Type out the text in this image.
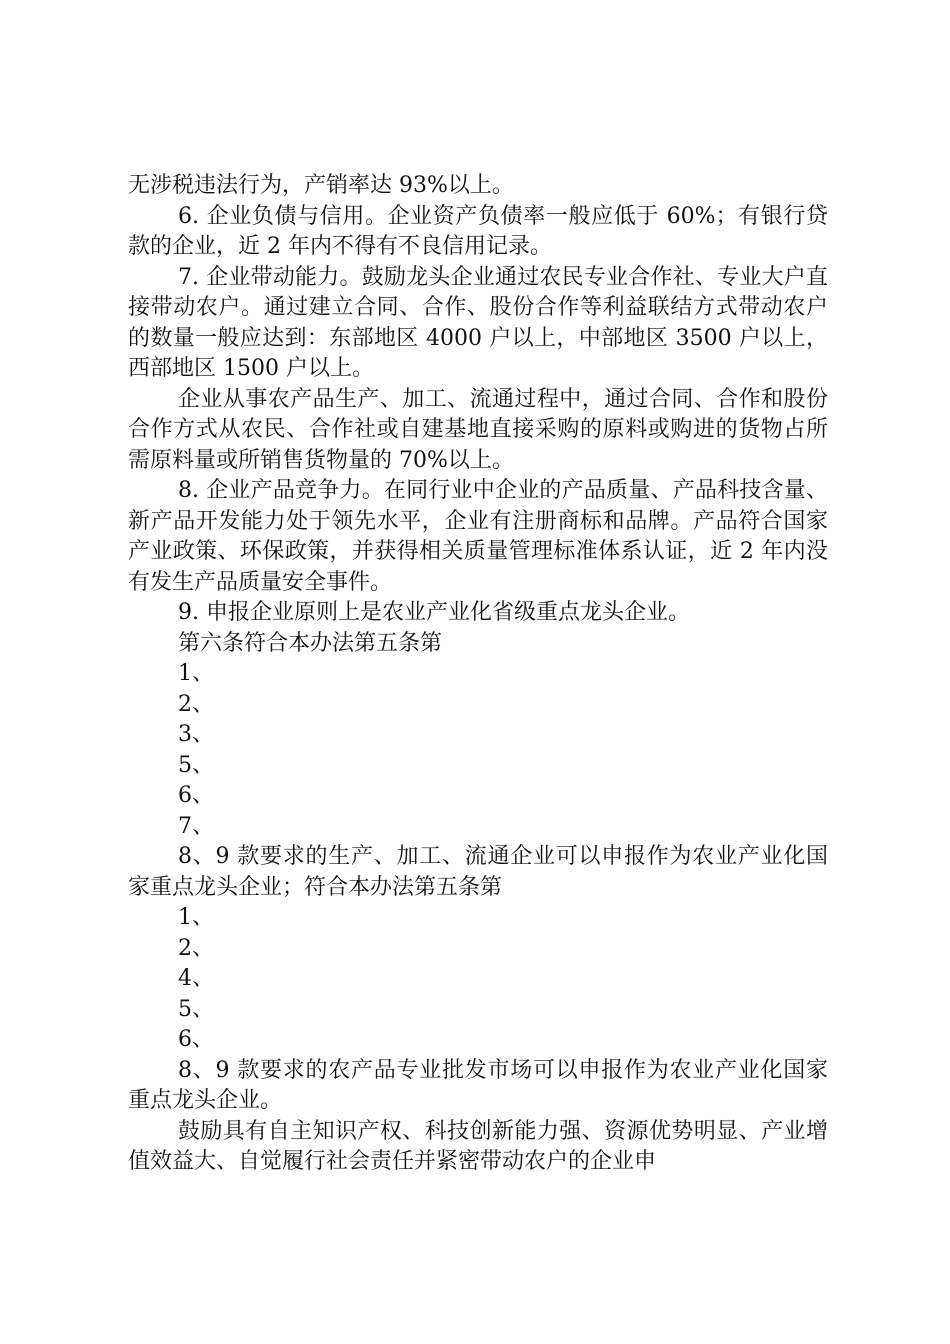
无涉税违法行为，产销率达 93%以上。

6. 企业负债与信用。企业资产负债率一般应低于 60%；有银行贷款的企业，近 2 年内不得有不良信用记录。

7. 企业带动能力。鼓励龙头企业通过农民专业合作社、专业大户直接带动农户。通过建立合同、合作、股份合作等利益联结方式带动农户的数量一般应达到：东部地区 4000 户以上，中部地区 3500 户以上，西部地区 1500 户以上。

企业从事农产品生产、加工、流通过程中，通过合同、合作和股份合作方式从农民、合作社或自建基地直接采购的原料或购进的货物占所需原料量或所销售货物量的 70%以上。

8. 企业产品竞争力。在同行业中企业的产品质量、产品科技含量、新产品开发能力处于领先水平，企业有注册商标和品牌。产品符合国家产业政策、环保政策，并获得相关质量管理标准体系认证，近 2 年内没有发生产品质量安全事件。

9. 申报企业原则上是农业产业化省级重点龙头企业。

第六条符合本办法第五条第

1、

2、

3、

5、

6、

7、

8、9 款要求的生产、加工、流通企业可以申报作为农业产业化国家重点龙头企业；符合本办法第五条第

1、

2、

4、

5、

6、

8、9 款要求的农产品专业批发市场可以申报作为农业产业化国家重点龙头企业。

鼓励具有自主知识产权、科技创新能力强、资源优势明显、产业增值效益大、自觉履行社会责任并紧密带动农户的企业申
